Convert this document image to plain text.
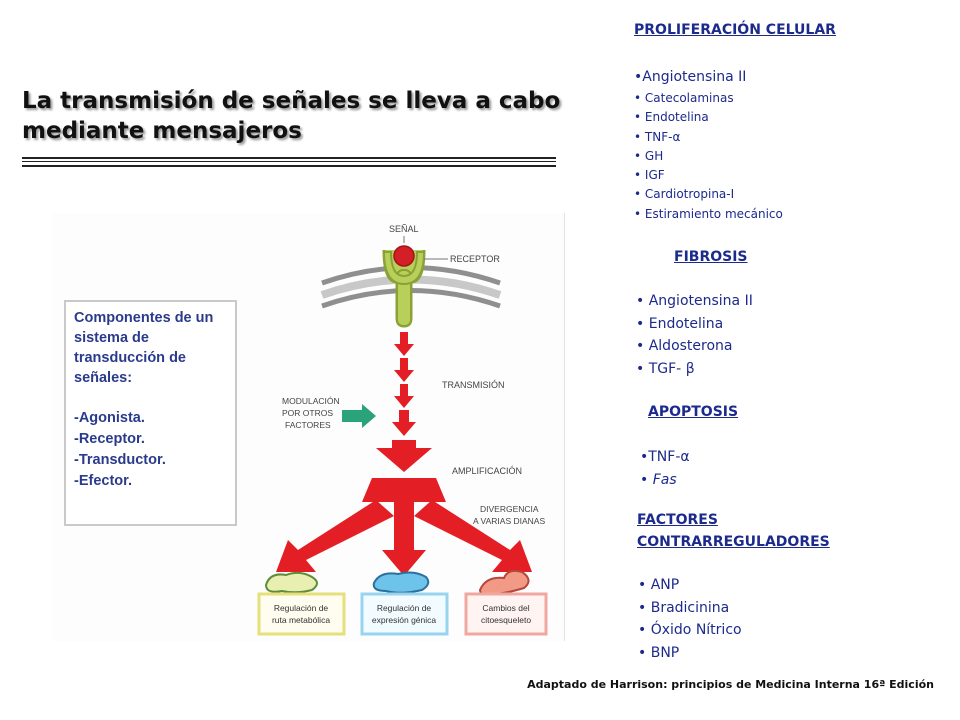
La transmisión de señales se lleva a cabo
mediante mensajeros
Componentes de un
sistema de
transducción de
señales:
-Agonista.
-Receptor.
-Transductor.
-Efector.
SEÑAL
RECEPTOR
MODULACIÓN
POR OTROS
FACTORES
TRANSMISIÓN
AMPLIFICACIÓN
DIVERGENCIA
A VARIAS DIANAS
Regulación de
ruta metabólica
Regulación de
expresión génica
Cambios del
citoesqueleto
PROLIFERACIÓN CELULAR
•Angiotensina II
• Catecolaminas
• Endotelina
• TNF-α
• GH
• IGF
• Cardiotropina-I
• Estiramiento mecánico
FIBROSIS
• Angiotensina II
• Endotelina
• Aldosterona
• TGF- β
APOPTOSIS
•TNF-α
• Fas
FACTORES
CONTRARREGULADORES
• ANP
• Bradicinina
• Óxido Nítrico
• BNP
Adaptado de Harrison: principios de Medicina Interna 16ª Edición
